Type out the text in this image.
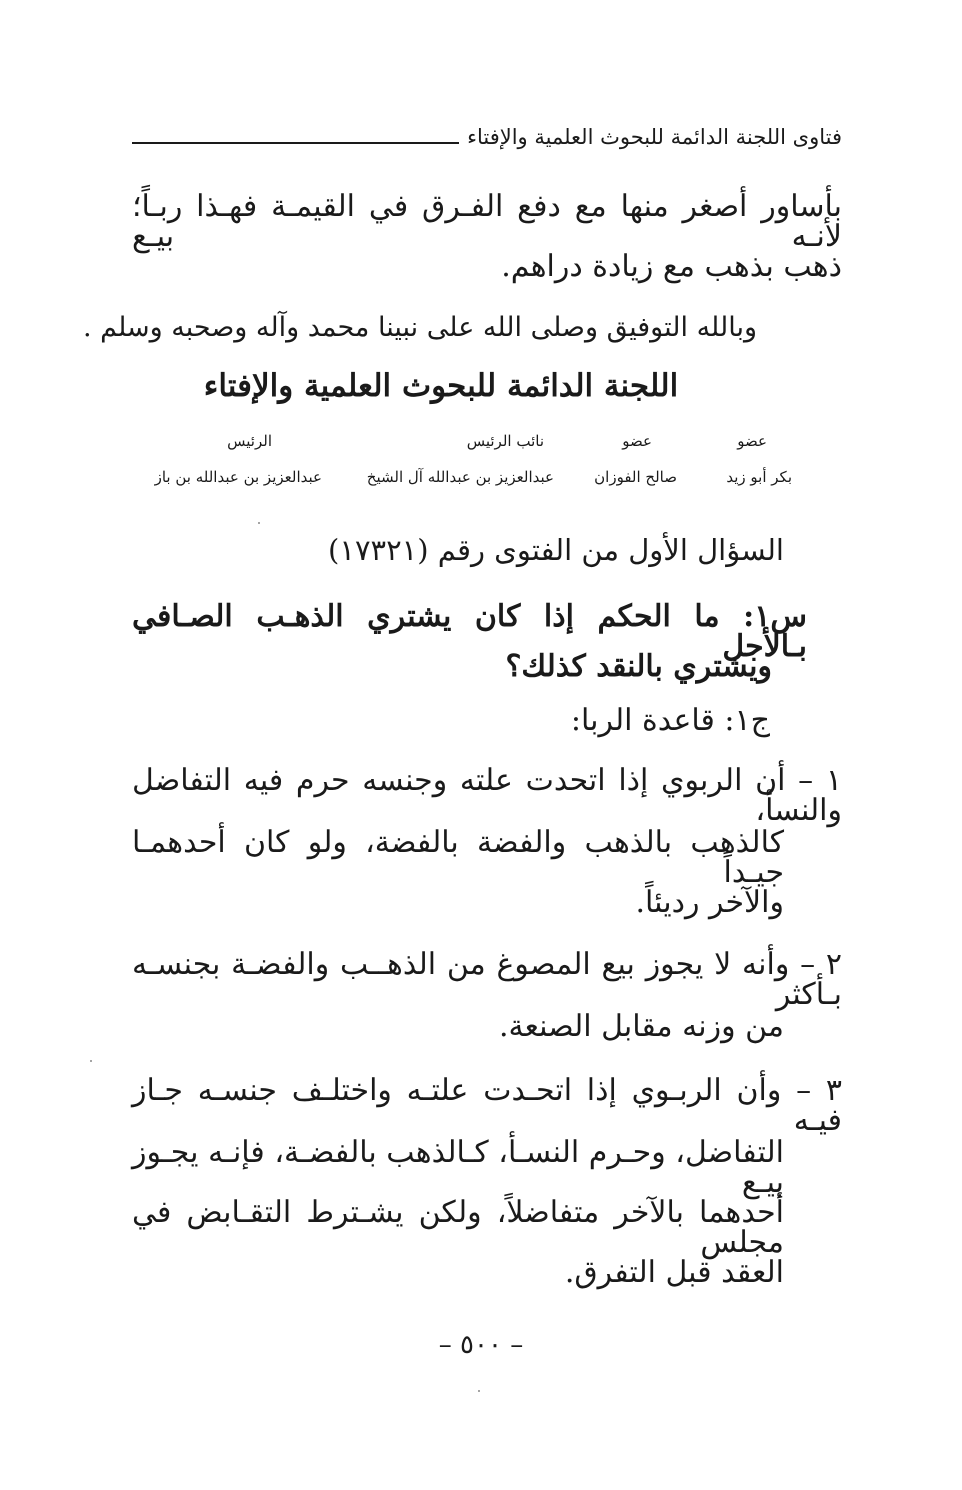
فتاوى اللجنة الدائمة للبحوث العلمية والإفتاء
بأساور أصغر منها مع دفع الفـرق في القيمـة فهـذا ربـاً؛ لأنـه بيـع
ذهب بذهب مع زيادة دراهم.
وبالله التوفيق وصلى الله على نبينا محمد وآله وصحبه وسلم .
اللجنة الدائمة للبحوث العلمية والإفتاء
عضو
عضو
نائب الرئيس
الرئيس
بكر أبو زيد
صالح الفوزان
عبدالعزيز بن عبدالله آل الشيخ
عبدالعزيز بن عبدالله بن باز
السؤال الأول من الفتوى رقم (١٧٣٢١)
س١: ما الحكم إذا كان يشتري الذهـب الصـافي بـالأجل
ويشتري بالنقد كذلك؟
ج١: قاعدة الربا:
١ – أن الربوي إذا اتحدت علته وجنسه حرم فيه التفاضل والنسأ،
كالذهب بالذهب والفضة بالفضة، ولو كان أحدهمـا جيـداً
والآخر رديئاً.
٢ – وأنه لا يجوز بيع المصوغ من الذهــب والفضـة بجنسـه بـأكثر
من وزنه مقابل الصنعة.
٣ – وأن الربـوي إذا اتحـدت علتـه واختلـف جنسـه جـاز فيـه
التفاضل، وحـرم النسـأ، كـالذهب بالفضـة، فإنـه يجـوز بيـع
أحدهما بالآخر متفاضلاً، ولكن يشـترط التقـابض في مجلس
العقد قبل التفرق.
– ٥٠٠ –
